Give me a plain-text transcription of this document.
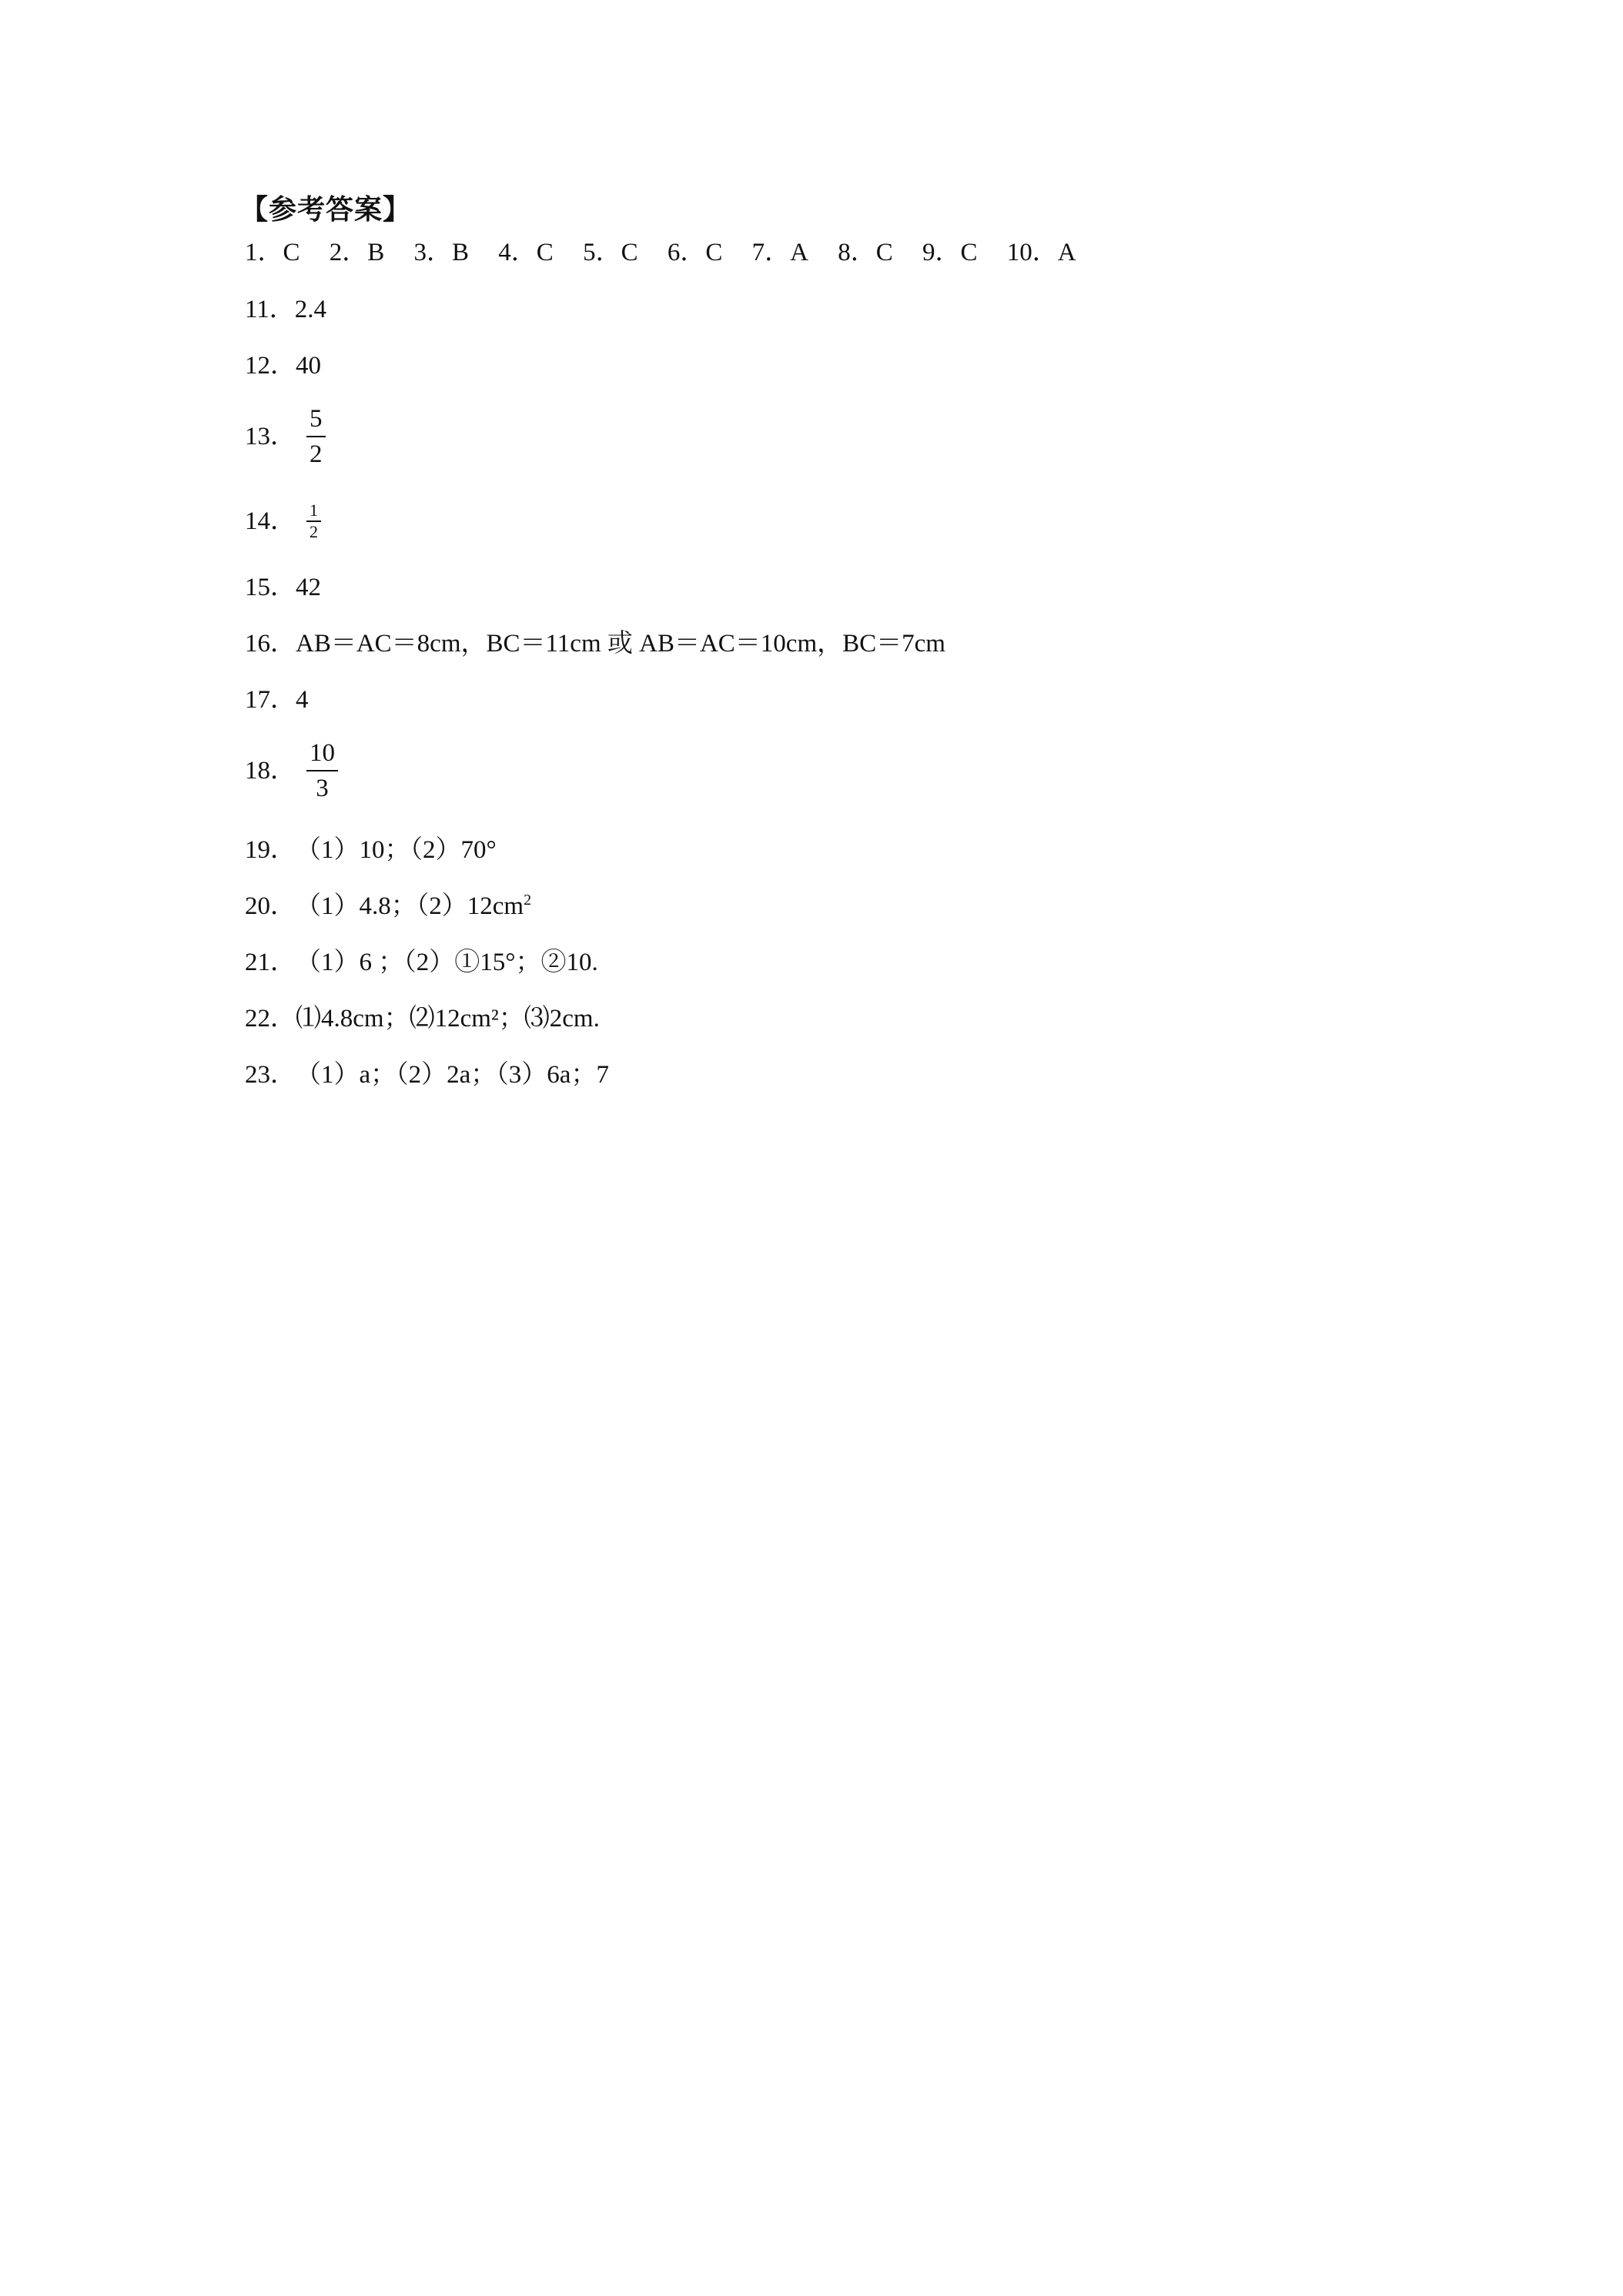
【参考答案】
1．C 2．B 3．B 4．C 5．C 6．C 7．A 8．C 9．C 10．A
11． 2.4
12． 40
13． $\frac{5}{2}$
14． $\frac{1}{2}$
15． 42
16． AB＝AC＝8cm，BC＝11cm 或 AB＝AC＝10cm，BC＝7cm
17． 4
18． $\frac{10}{3}$
19． （1）10；（2）70°
20． （1）4.8；$(2)12cm^2$
21． （1）6 ；（2）①15°；②10.
22． ⑴4.8cm；⑵12cm²；⑶2cm.
23． （1）a；（2）2a；（3）6a；7
